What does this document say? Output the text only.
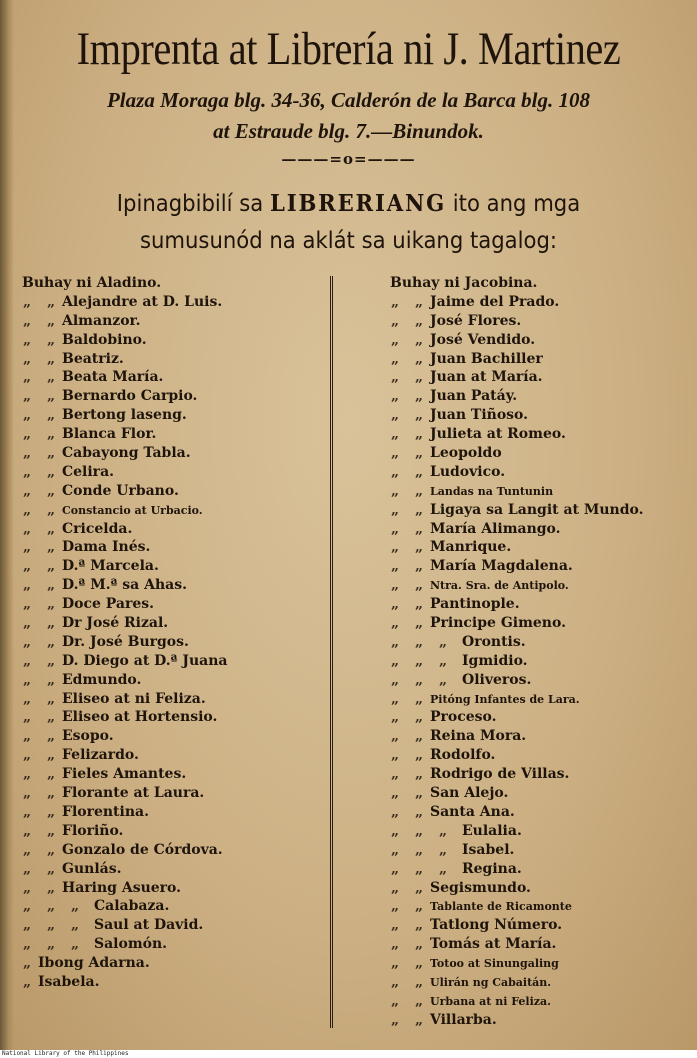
Imprenta at Librería ni J. Martinez
Plaza Moraga blg. 34-36, Calderón de la Barca blg. 108
at Estraude blg. 7.—Binundok.
———=o=———
Ipinagbibilí sa LIBRERIANG ito ang mga
sumusunód na aklát sa uikang tagalog:
Buhay ni Aladino.
„ „ Alejandre at D. Luis.
„ „ Almanzor.
„ „ Baldobino.
„ „ Beatriz.
„ „ Beata María.
„ „ Bernardo Carpio.
„ „ Bertong laseng.
„ „ Blanca Flor.
„ „ Cabayong Tabla.
„ „ Celira.
„ „ Conde Urbano.
„ „ Constancio at Urbacio.
„ „ Cricelda.
„ „ Dama Inés.
„ „ D.ª Marcela.
„ „ D.ª M.ª sa Ahas.
„ „ Doce Pares.
„ „ Dr José Rizal.
„ „ Dr. José Burgos.
„ „ D. Diego at D.ª Juana
„ „ Edmundo.
„ „ Eliseo at ni Feliza.
„ „ Eliseo at Hortensio.
„ „ Esopo.
„ „ Felizardo.
„ „ Fieles Amantes.
„ „ Florante at Laura.
„ „ Florentina.
„ „ Floriño.
„ „ Gonzalo de Córdova.
„ „ Gunlás.
„ „ Haring Asuero.
„ „ „ Calabaza.
„ „ „ Saul at David.
„ „ „ Salomón.
„ Ibong Adarna.
„ Isabela.
Buhay ni Jacobina.
„ „ Jaime del Prado.
„ „ José Flores.
„ „ José Vendido.
„ „ Juan Bachiller
„ „ Juan at María.
„ „ Juan Patáy.
„ „ Juan Tiñoso.
„ „ Julieta at Romeo.
„ „ Leopoldo
„ „ Ludovico.
„ „ Landas na Tuntunin
„ „ Ligaya sa Langit at Mundo.
„ „ María Alimango.
„ „ Manrique.
„ „ María Magdalena.
„ „ Ntra. Sra. de Antipolo.
„ „ Pantinople.
„ „ Principe Gimeno.
„ „ „ Orontis.
„ „ „ Igmidio.
„ „ „ Oliveros.
„ „ Pitóng Infantes de Lara.
„ „ Proceso.
„ „ Reina Mora.
„ „ Rodolfo.
„ „ Rodrigo de Villas.
„ „ San Alejo.
„ „ Santa Ana.
„ „ „ Eulalia.
„ „ „ Isabel.
„ „ „ Regina.
„ „ Segismundo.
„ „ Tablante de Ricamonte
„ „ Tatlong Número.
„ „ Tomás at María.
„ „ Totoo at Sinungaling
„ „ Ulirán ng Cabaitán.
„ „ Urbana at ni Feliza.
„ „ Villarba.
National Library of the Philippines
